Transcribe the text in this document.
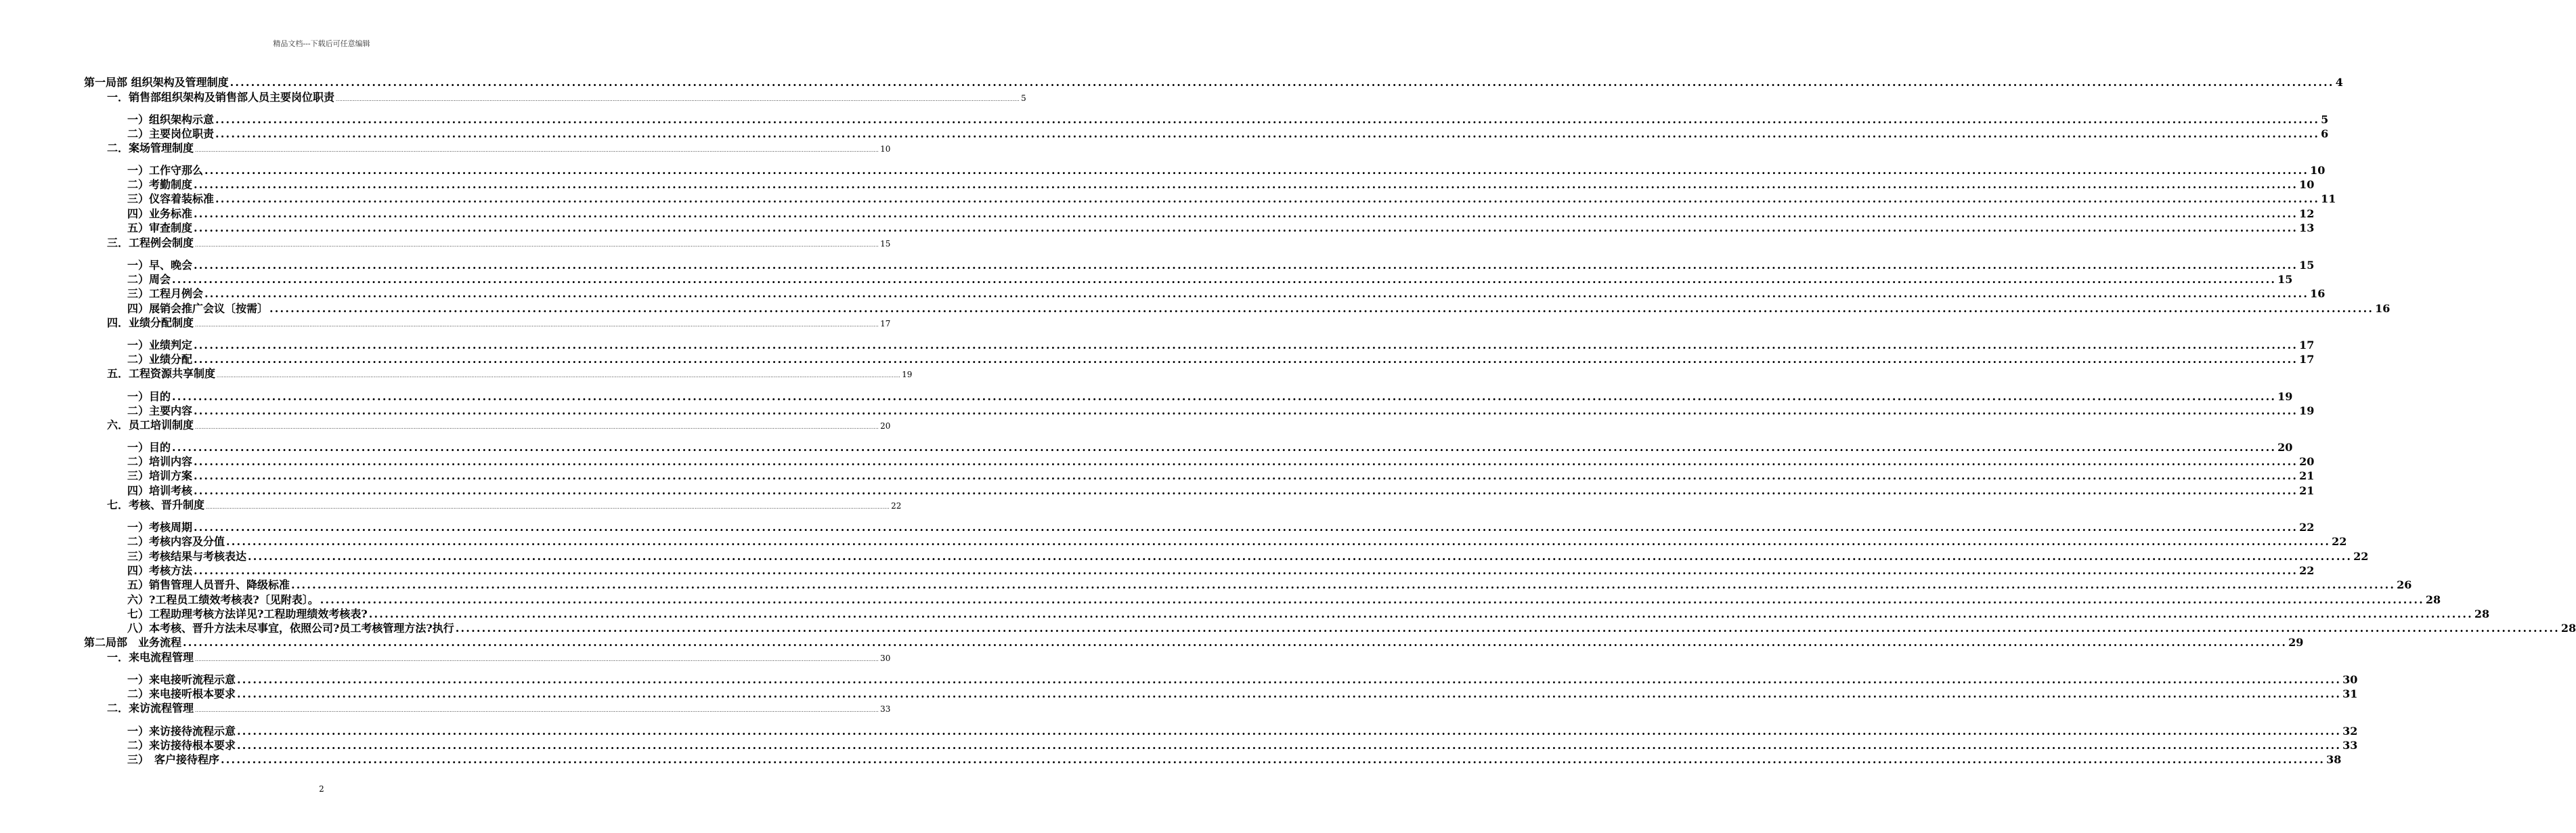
精品文档---下载后可任意编辑
第一局部 组织架构及管理制度 ................................................................................................................................................................................................................................................................................................................................................................................................................ 4
一．销售部组织架构及销售部人员主要岗位职责 ................................................................................................................................................................................................................................................................................................................................................................................................................ 5
一）组织架构示意 ................................................................................................................................................................................................................................................................................................................................................................................................................ 5
二）主要岗位职责 ................................................................................................................................................................................................................................................................................................................................................................................................................ 6
二．案场管理制度 ................................................................................................................................................................................................................................................................................................................................................................................................................ 10
一）工作守那么 ................................................................................................................................................................................................................................................................................................................................................................................................................ 10
二）考勤制度 ................................................................................................................................................................................................................................................................................................................................................................................................................ 10
三）仪容着装标准 ................................................................................................................................................................................................................................................................................................................................................................................................................ 11
四）业务标准 ................................................................................................................................................................................................................................................................................................................................................................................................................ 12
五）审查制度 ................................................................................................................................................................................................................................................................................................................................................................................................................ 13
三．工程例会制度 ................................................................................................................................................................................................................................................................................................................................................................................................................ 15
一）早、晚会 ................................................................................................................................................................................................................................................................................................................................................................................................................ 15
二）周会 ................................................................................................................................................................................................................................................................................................................................................................................................................ 15
三）工程月例会 ................................................................................................................................................................................................................................................................................................................................................................................................................ 16
四）展销会推广会议〔按需〕 ................................................................................................................................................................................................................................................................................................................................................................................................................ 16
四．业绩分配制度 ................................................................................................................................................................................................................................................................................................................................................................................................................ 17
一）业绩判定 ................................................................................................................................................................................................................................................................................................................................................................................................................ 17
二）业绩分配 ................................................................................................................................................................................................................................................................................................................................................................................................................ 17
五．工程资源共享制度 ................................................................................................................................................................................................................................................................................................................................................................................................................ 19
一）目的 ................................................................................................................................................................................................................................................................................................................................................................................................................ 19
二）主要内容 ................................................................................................................................................................................................................................................................................................................................................................................................................ 19
六．员工培训制度 ................................................................................................................................................................................................................................................................................................................................................................................................................ 20
一）目的 ................................................................................................................................................................................................................................................................................................................................................................................................................ 20
二）培训内容 ................................................................................................................................................................................................................................................................................................................................................................................................................ 20
三）培训方案 ................................................................................................................................................................................................................................................................................................................................................................................................................ 21
四）培训考核 ................................................................................................................................................................................................................................................................................................................................................................................................................ 21
七．考核、晋升制度 ................................................................................................................................................................................................................................................................................................................................................................................................................ 22
一）考核周期 ................................................................................................................................................................................................................................................................................................................................................................................................................ 22
二）考核内容及分值 ................................................................................................................................................................................................................................................................................................................................................................................................................ 22
三）考核结果与考核表达 ................................................................................................................................................................................................................................................................................................................................................................................................................ 22
四）考核方法 ................................................................................................................................................................................................................................................................................................................................................................................................................ 22
五）销售管理人员晋升、降级标准 ................................................................................................................................................................................................................................................................................................................................................................................................................ 26
六）?工程员工绩效考核表?〔见附表〕。 ................................................................................................................................................................................................................................................................................................................................................................................................................ 28
七）工程助理考核方法详见?工程助理绩效考核表? ................................................................................................................................................................................................................................................................................................................................................................................................................ 28
八）本考核、晋升方法未尽事宜，依照公司?员工考核管理方法?执行 ................................................................................................................................................................................................................................................................................................................................................................................................................ 28
第二局部　业务流程 ................................................................................................................................................................................................................................................................................................................................................................................................................ 29
一．来电流程管理 ................................................................................................................................................................................................................................................................................................................................................................................................................ 30
一）来电接听流程示意 ................................................................................................................................................................................................................................................................................................................................................................................................................ 30
二）来电接听根本要求 ................................................................................................................................................................................................................................................................................................................................................................................................................ 31
二．来访流程管理 ................................................................................................................................................................................................................................................................................................................................................................................................................ 33
一）来访接待流程示意 ................................................................................................................................................................................................................................................................................................................................................................................................................ 32
二）来访接待根本要求 ................................................................................................................................................................................................................................................................................................................................................................................................................ 33
三）　客户接待程序 ................................................................................................................................................................................................................................................................................................................................................................................................................ 38
2
